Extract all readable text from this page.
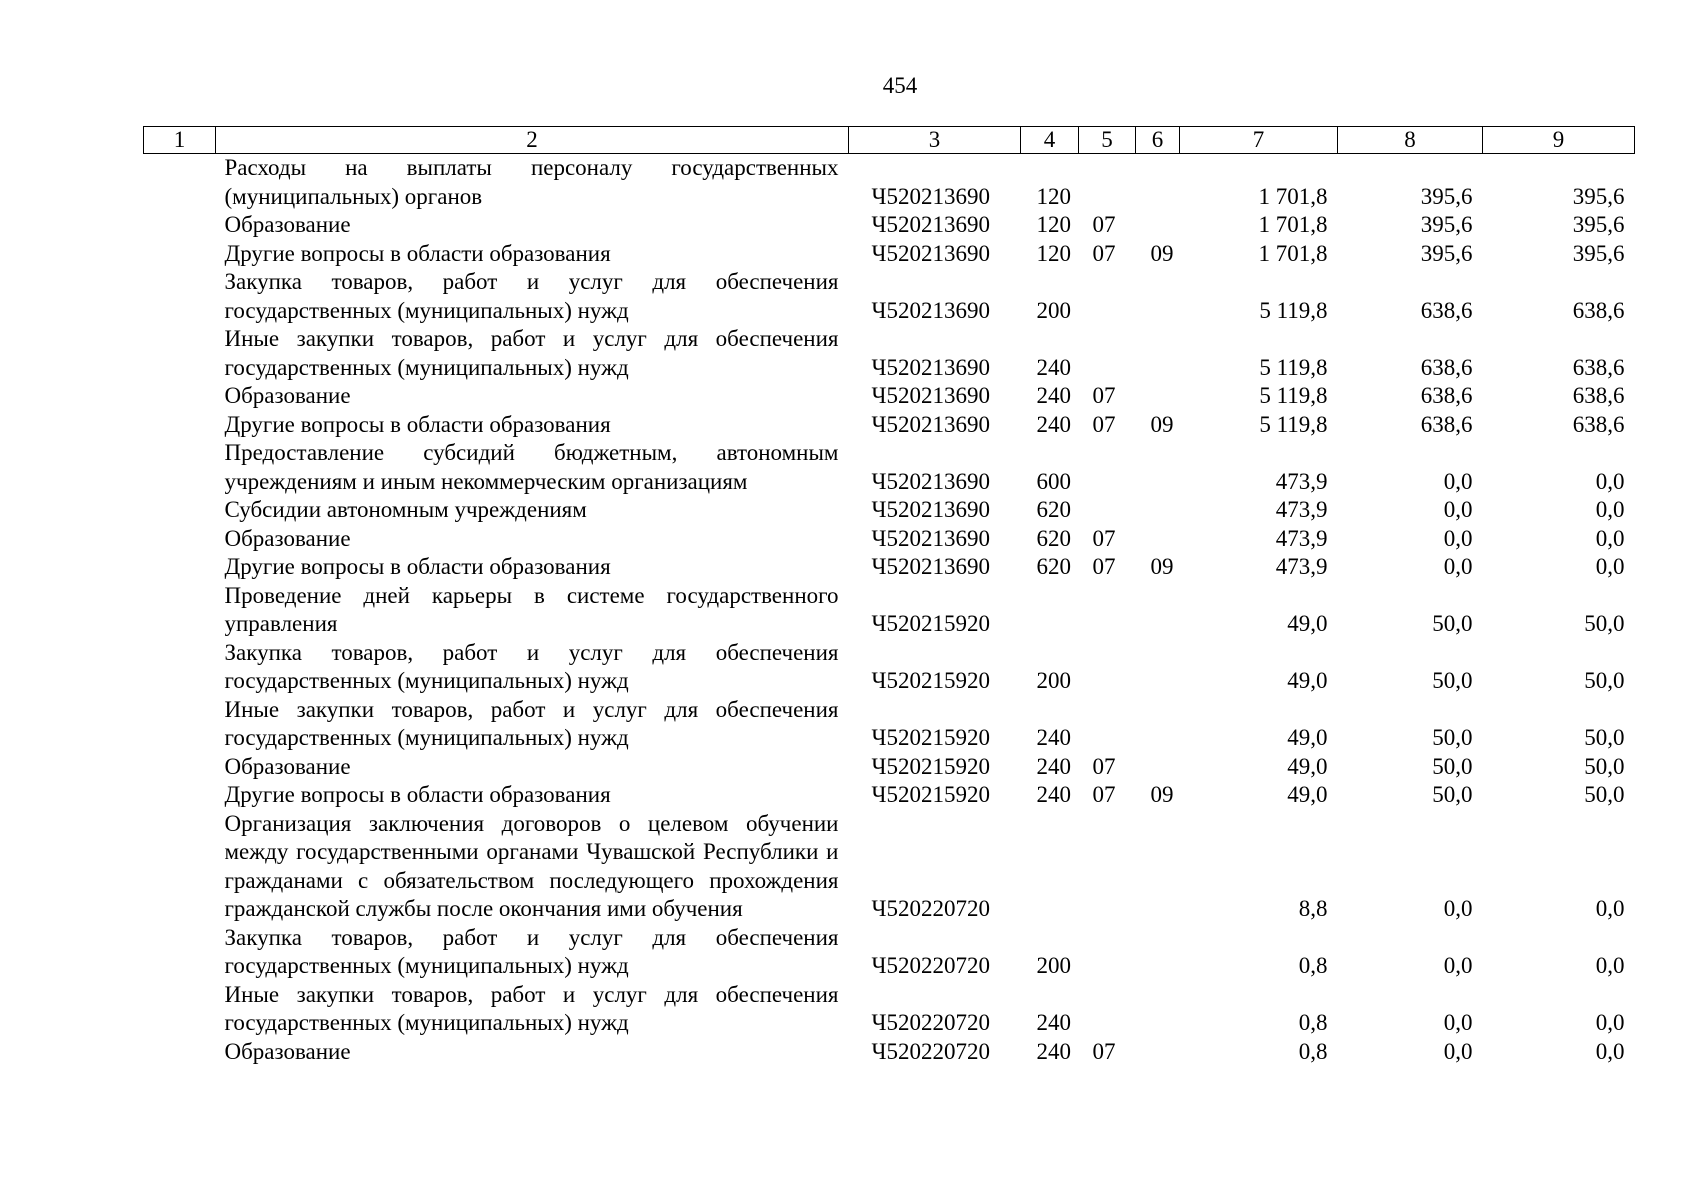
454
1	2	3	4	5	6	7	8	9
	Расходы на выплаты персоналу государственных (муниципальных) органов	Ч520213690	120			1 701,8	395,6	395,6
	Образование	Ч520213690	120	07		1 701,8	395,6	395,6
	Другие вопросы в области образования	Ч520213690	120	07	09	1 701,8	395,6	395,6
	Закупка товаров, работ и услуг для обеспечения государственных (муниципальных) нужд	Ч520213690	200			5 119,8	638,6	638,6
	Иные закупки товаров, работ и услуг для обеспечения государственных (муниципальных) нужд	Ч520213690	240			5 119,8	638,6	638,6
	Образование	Ч520213690	240	07		5 119,8	638,6	638,6
	Другие вопросы в области образования	Ч520213690	240	07	09	5 119,8	638,6	638,6
	Предоставление субсидий бюджетным, автономным учреждениям и иным некоммерческим организациям	Ч520213690	600			473,9	0,0	0,0
	Субсидии автономным учреждениям	Ч520213690	620			473,9	0,0	0,0
	Образование	Ч520213690	620	07		473,9	0,0	0,0
	Другие вопросы в области образования	Ч520213690	620	07	09	473,9	0,0	0,0
	Проведение дней карьеры в системе государственного управления	Ч520215920				49,0	50,0	50,0
	Закупка товаров, работ и услуг для обеспечения государственных (муниципальных) нужд	Ч520215920	200			49,0	50,0	50,0
	Иные закупки товаров, работ и услуг для обеспечения государственных (муниципальных) нужд	Ч520215920	240			49,0	50,0	50,0
	Образование	Ч520215920	240	07		49,0	50,0	50,0
	Другие вопросы в области образования	Ч520215920	240	07	09	49,0	50,0	50,0
	Организация заключения договоров о целевом обучении между государственными органами Чувашской Республики и гражданами с обязательством последующего прохождения гражданской службы после окончания ими обучения	Ч520220720				8,8	0,0	0,0
	Закупка товаров, работ и услуг для обеспечения государственных (муниципальных) нужд	Ч520220720	200			0,8	0,0	0,0
	Иные закупки товаров, работ и услуг для обеспечения государственных (муниципальных) нужд	Ч520220720	240			0,8	0,0	0,0
	Образование	Ч520220720	240	07		0,8	0,0	0,0
